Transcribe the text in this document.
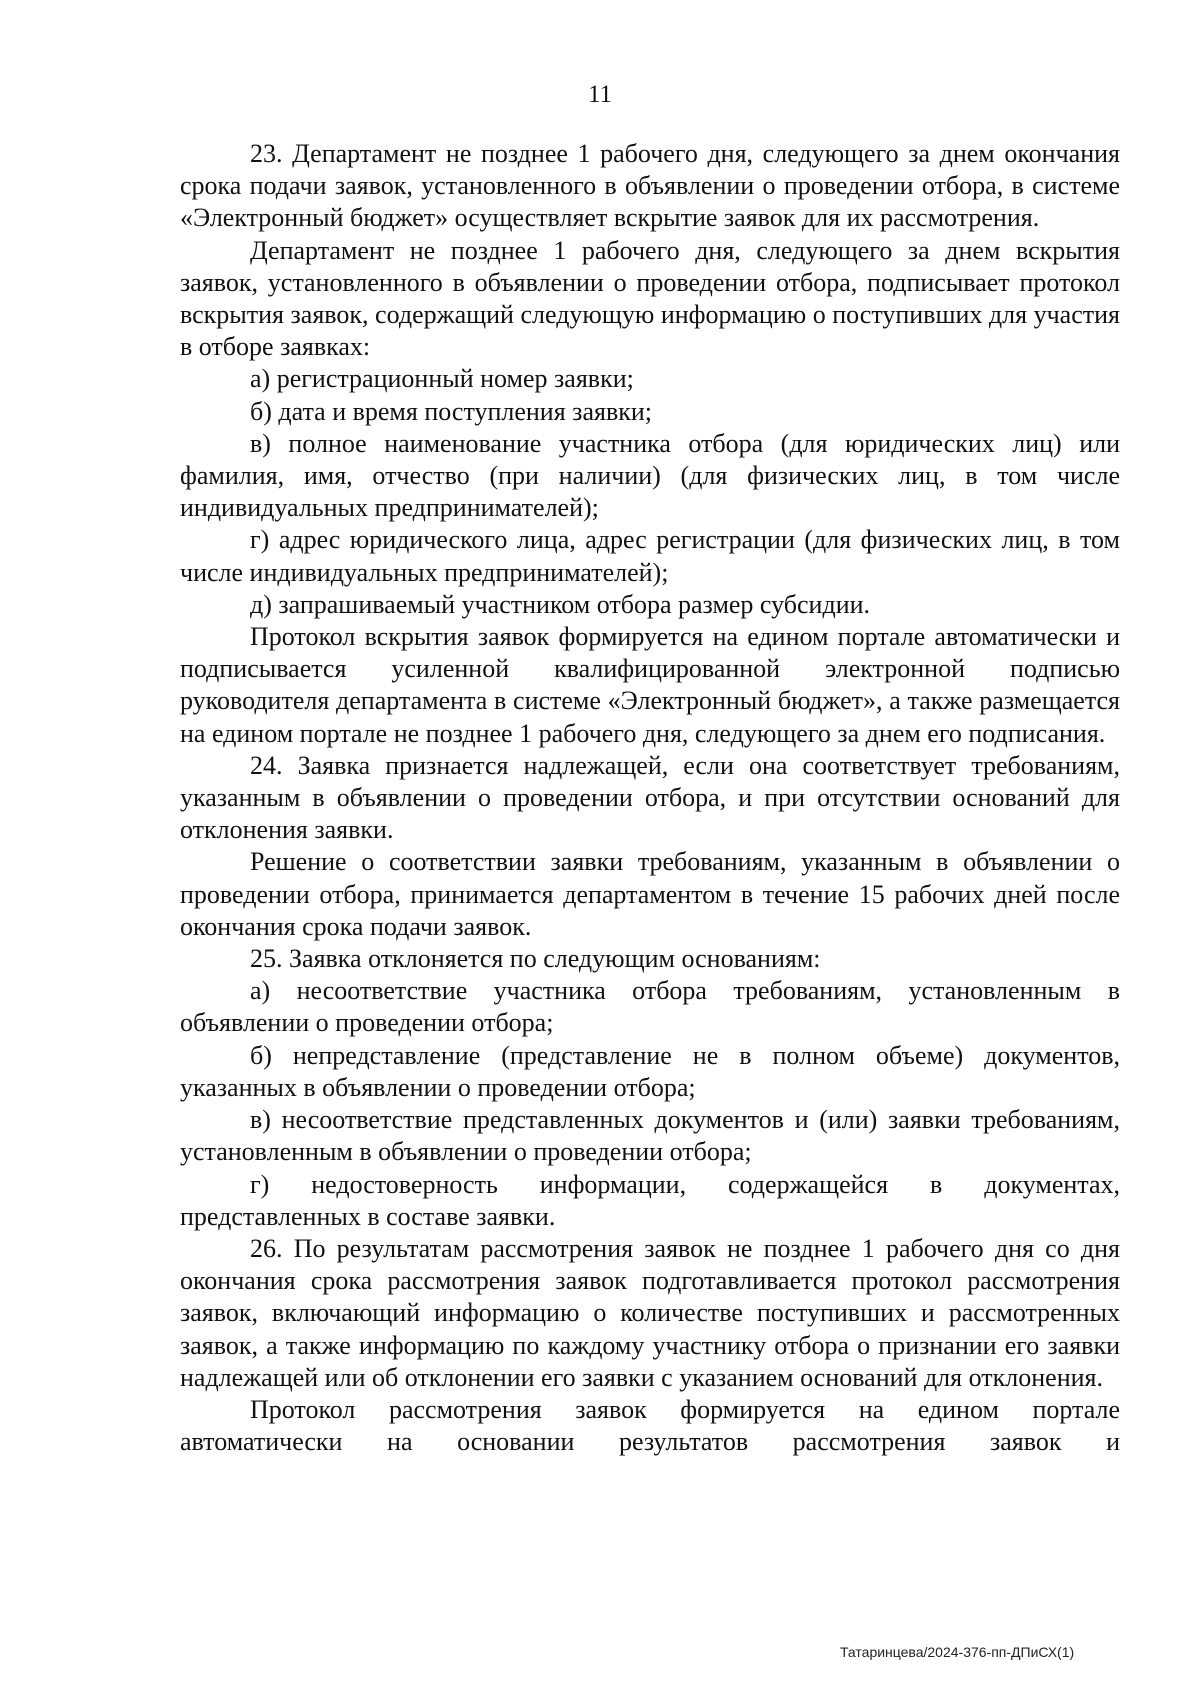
11

23. Департамент не позднее 1 рабочего дня, следующего за днем окончания срока подачи заявок, установленного в объявлении о проведении отбора, в системе «Электронный бюджет» осуществляет вскрытие заявок для их рассмотрения.

Департамент не позднее 1 рабочего дня, следующего за днем вскрытия заявок, установленного в объявлении о проведении отбора, подписывает протокол вскрытия заявок, содержащий следующую информацию о поступивших для участия в отборе заявках:

а) регистрационный номер заявки;

б) дата и время поступления заявки;

в) полное наименование участника отбора (для юридических лиц) или фамилия, имя, отчество (при наличии) (для физических лиц, в том числе индивидуальных предпринимателей);

г) адрес юридического лица, адрес регистрации (для физических лиц, в том числе индивидуальных предпринимателей);

д) запрашиваемый участником отбора размер субсидии.

Протокол вскрытия заявок формируется на едином портале автоматически и подписывается усиленной квалифицированной электронной подписью руководителя департамента в системе «Электронный бюджет», а также размещается на едином портале не позднее 1 рабочего дня, следующего за днем его подписания.

24. Заявка признается надлежащей, если она соответствует требованиям, указанным в объявлении о проведении отбора, и при отсутствии оснований для отклонения заявки.

Решение о соответствии заявки требованиям, указанным в объявлении о проведении отбора, принимается департаментом в течение 15 рабочих дней после окончания срока подачи заявок.

25. Заявка отклоняется по следующим основаниям:

а) несоответствие участника отбора требованиям, установленным в объявлении о проведении отбора;

б) непредставление (представление не в полном объеме) документов, указанных в объявлении о проведении отбора;

в) несоответствие представленных документов и (или) заявки требованиям, установленным в объявлении о проведении отбора;

г) недостоверность информации, содержащейся в документах, представленных в составе заявки.

26. По результатам рассмотрения заявок не позднее 1 рабочего дня со дня окончания срока рассмотрения заявок подготавливается протокол рассмотрения заявок, включающий информацию о количестве поступивших и рассмотренных заявок, а также информацию по каждому участнику отбора о признании его заявки надлежащей или об отклонении его заявки с указанием оснований для отклонения.

Протокол рассмотрения заявок формируется на едином портале автоматически на основании результатов рассмотрения заявок и

Татаринцева/2024-376-пп-ДПиСХ(1)
